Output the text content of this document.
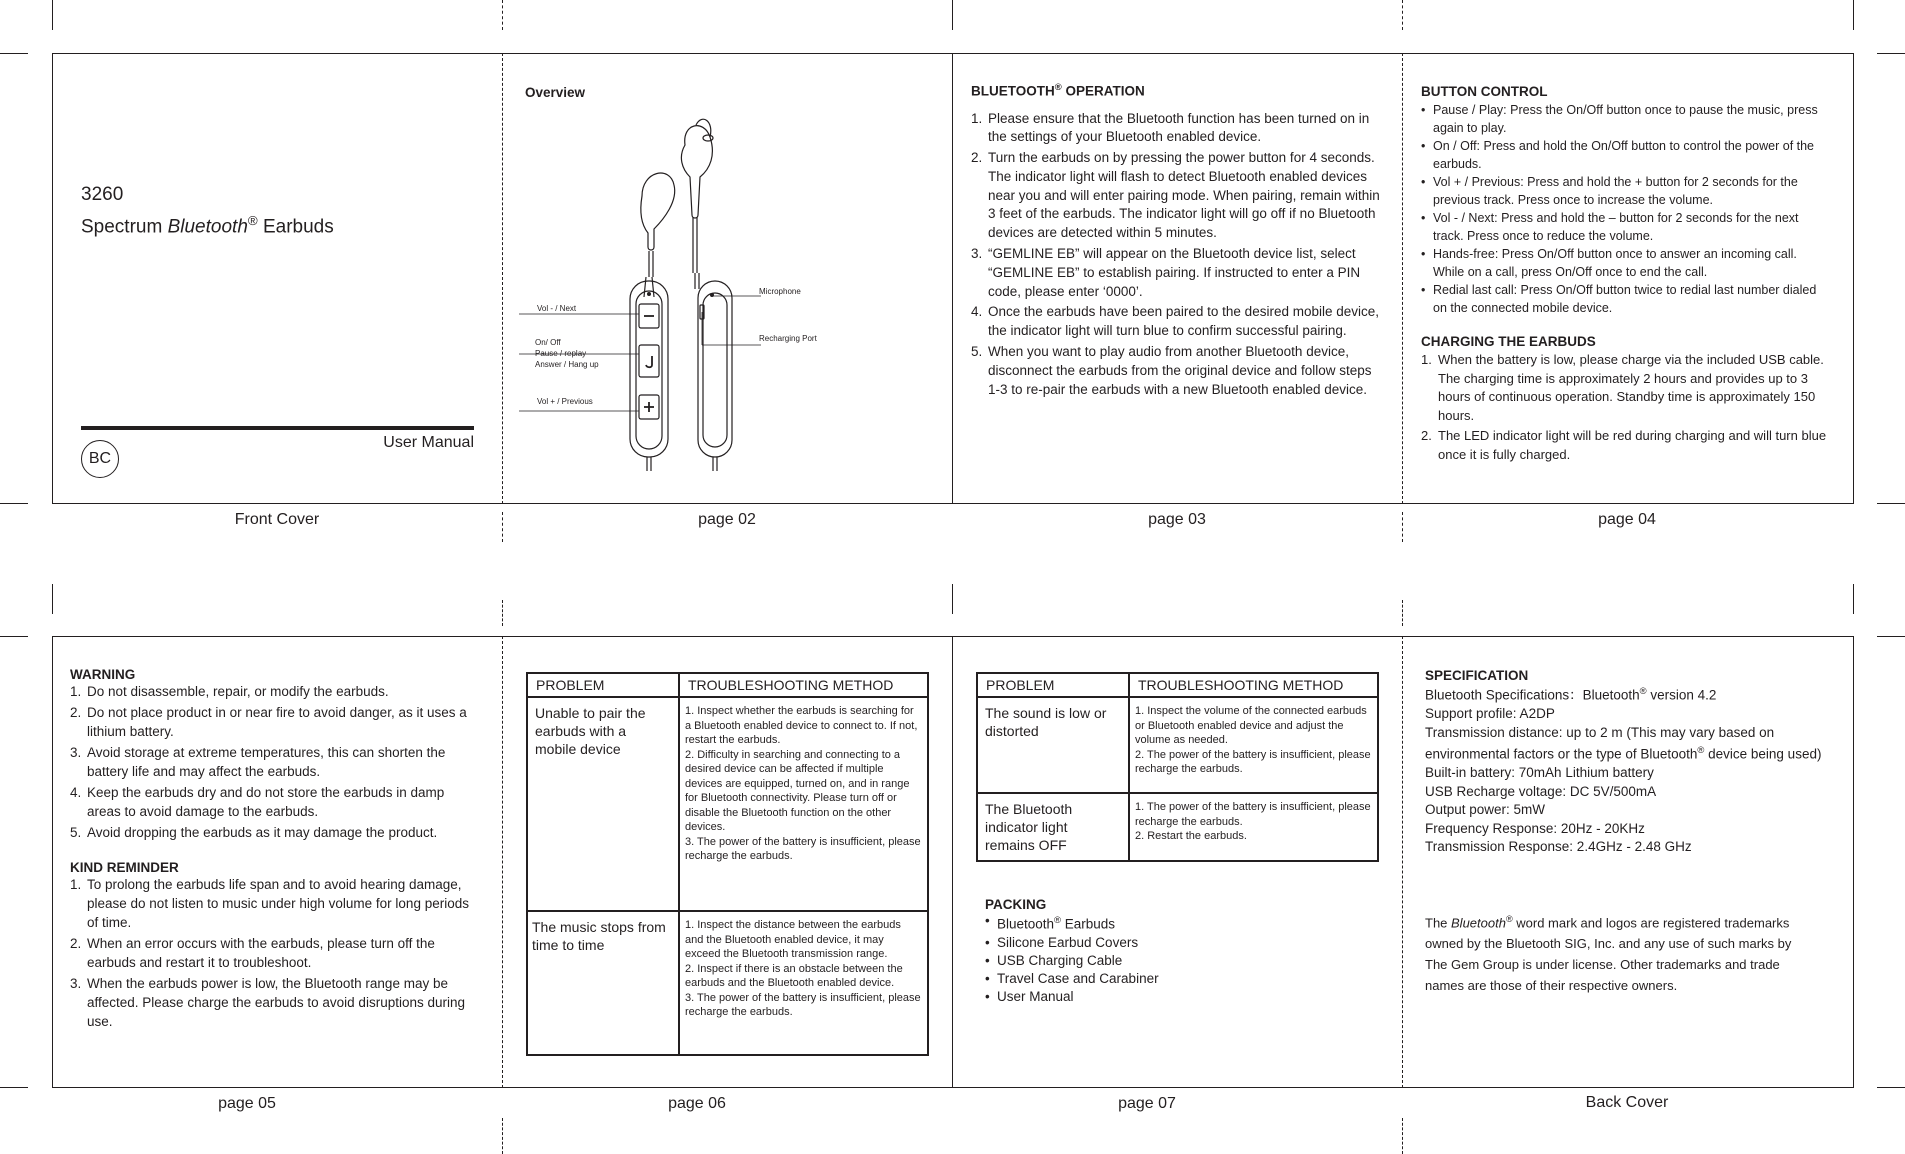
Front Cover	page 02	page 03	page 04
page 05	page 06	page 07	Back Cover
3260
Spectrum Bluetooth® Earbuds
User Manual
BC
Overview
Vol - / Next
On/ Off
Pause / replay
Answer / Hang up
Vol + / Previous
Microphone
Recharging Port
BLUETOOTH® OPERATION
1. Please ensure that the Bluetooth function has been turned on in the settings of your Bluetooth enabled device.
2. Turn the earbuds on by pressing the power button for 4 seconds. The indicator light will flash to detect Bluetooth enabled devices near you and will enter pairing mode. When pairing, remain within 3 feet of the earbuds. The indicator light will go off if no Bluetooth devices are detected within 5 minutes.
3. “GEMLINE EB” will appear on the Bluetooth device list, select “GEMLINE EB” to establish pairing. If instructed to enter a PIN code, please enter ‘0000’.
4. Once the earbuds have been paired to the desired mobile device, the indicator light will turn blue to confirm successful pairing.
5. When you want to play audio from another Bluetooth device, disconnect the earbuds from the original device and follow steps 1-3 to re-pair the earbuds with a new Bluetooth enabled device.
BUTTON CONTROL
• Pause / Play: Press the On/Off button once to pause the music, press again to play.
• On / Off: Press and hold the On/Off button to control the power of the earbuds.
• Vol + / Previous: Press and hold the + button for 2 seconds for the previous track. Press once to increase the volume.
• Vol - / Next: Press and hold the – button for 2 seconds for the next track. Press once to reduce the volume.
• Hands-free: Press On/Off button once to answer an incoming call. While on a call, press On/Off once to end the call.
• Redial last call: Press On/Off button twice to redial last number dialed on the connected mobile device.
CHARGING THE EARBUDS
1. When the battery is low, please charge via the included USB cable. The charging time is approximately 2 hours and provides up to 3 hours of continuous operation. Standby time is approximately 150 hours.
2. The LED indicator light will be red during charging and will turn blue once it is fully charged.
WARNING
1. Do not disassemble, repair, or modify the earbuds.
2. Do not place product in or near fire to avoid danger, as it uses a lithium battery.
3. Avoid storage at extreme temperatures, this can shorten the battery life and may affect the earbuds.
4. Keep the earbuds dry and do not store the earbuds in damp areas to avoid damage to the earbuds.
5. Avoid dropping the earbuds as it may damage the product.
KIND REMINDER
1. To prolong the earbuds life span and to avoid hearing damage, please do not listen to music under high volume for long periods of time.
2. When an error occurs with the earbuds, please turn off the earbuds and restart it to troubleshoot.
3. When the earbuds power is low, the Bluetooth range may be affected. Please charge the earbuds to avoid disruptions during use.
PROBLEM	TROUBLESHOOTING METHOD
Unable to pair the earbuds with a mobile device	1. Inspect whether the earbuds is searching for a Bluetooth enabled device to connect to. If not, restart the earbuds.
2. Difficulty in searching and connecting to a desired device can be affected if multiple devices are equipped, turned on, and in range for Bluetooth connectivity. Please turn off or disable the Bluetooth function on the other devices.
3. The power of the battery is insufficient, please recharge the earbuds.

The music stops from time to time	1. Inspect the distance between the earbuds and the Bluetooth enabled device, it may exceed the Bluetooth transmission range.
2. Inspect if there is an obstacle between the earbuds and the Bluetooth enabled device.
3. The power of the battery is insufficient, please recharge the earbuds.
PROBLEM	TROUBLESHOOTING METHOD
The sound is low or distorted	1. Inspect the volume of the connected earbuds or Bluetooth enabled device and adjust the volume as needed.
2. The power of the battery is insufficient, please recharge the earbuds.

The Bluetooth indicator light remains OFF	1. The power of the battery is insufficient, please recharge the earbuds.
2. Restart the earbuds.
PACKING
• Bluetooth® Earbuds
• Silicone Earbud Covers
• USB Charging Cable
• Travel Case and Carabiner
• User Manual
SPECIFICATION
Bluetooth Specifications：Bluetooth® version 4.2
Support profile: A2DP
Transmission distance: up to 2 m (This may vary based on environmental factors or the type of Bluetooth® device being used)
Built-in battery: 70mAh Lithium battery
USB Recharge voltage: DC 5V/500mA
Output power: 5mW
Frequency Response: 20Hz - 20KHz
Transmission Response: 2.4GHz - 2.48 GHz
The Bluetooth® word mark and logos are registered trademarks owned by the Bluetooth SIG, Inc. and any use of such marks by The Gem Group is under license. Other trademarks and trade names are those of their respective owners.
